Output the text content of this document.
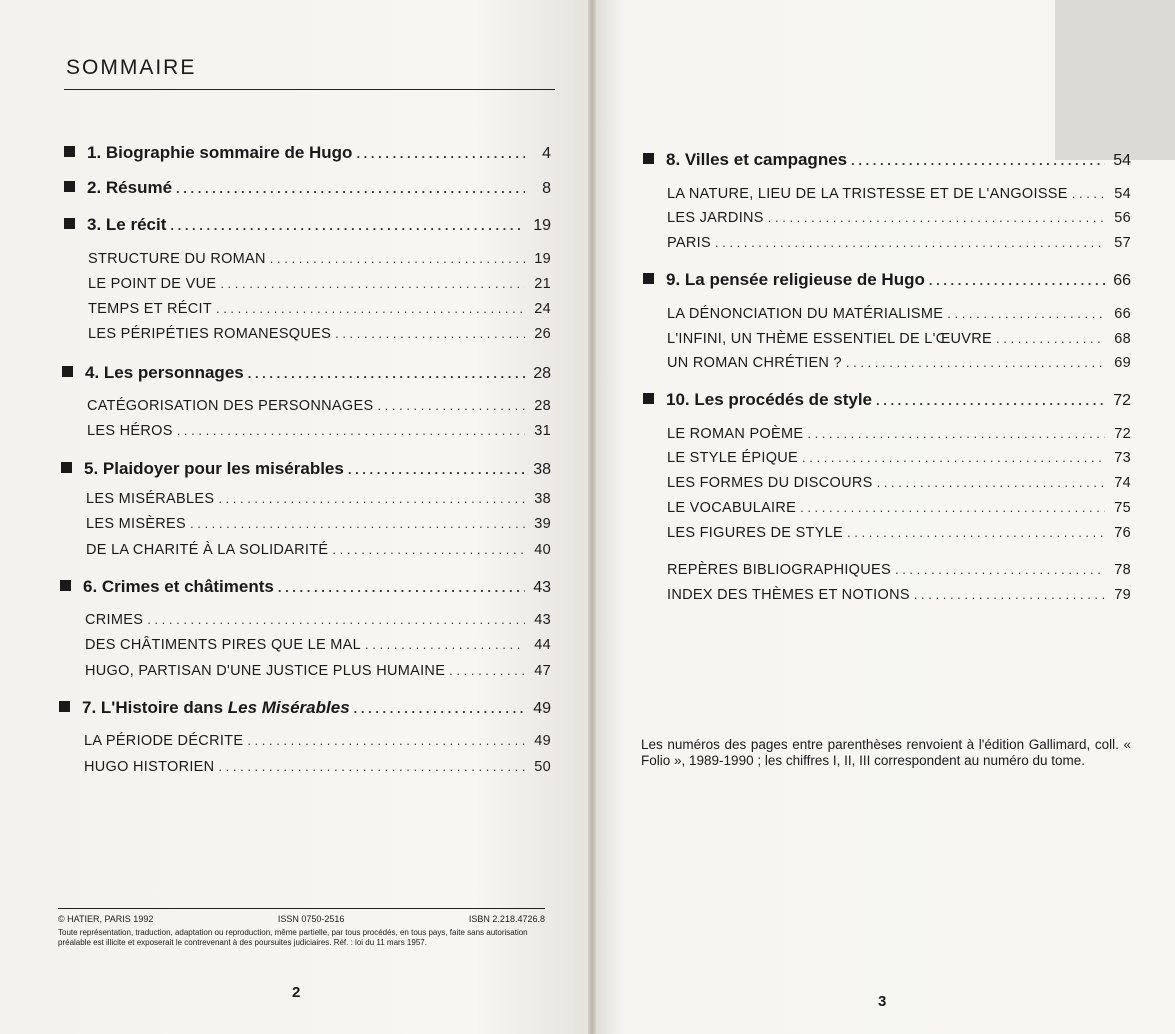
SOMMAIRE
1. Biographie sommaire de Hugo . . .	4
2. Résumé . . .	8
3. Le récit . . .	19
STRUCTURE DU ROMAN . . .	19
LE POINT DE VUE . . .	21
TEMPS ET RÉCIT . . .	24
LES PÉRIPÉTIES ROMANESQUES . . .	26
4. Les personnages . . .	28
CATÉGORISATION DES PERSONNAGES . . .	28
LES HÉROS . . .	31
5. Plaidoyer pour les misérables . . .	38
LES MISÉRABLES . . .	38
LES MISÈRES . . .	39
DE LA CHARITÉ À LA SOLIDARITÉ . . .	40
6. Crimes et châtiments . . .	43
CRIMES . . .	43
DES CHÂTIMENTS PIRES QUE LE MAL . . .	44
HUGO, PARTISAN D'UNE JUSTICE PLUS HUMAINE . . .	47
7. L'Histoire dans Les Misérables . . .	49
LA PÉRIODE DÉCRITE . . .	49
HUGO HISTORIEN . . .	50
© HATIER, PARIS 1992	ISSN 0750-2516	ISBN 2.218.4726.8
Toute représentation, traduction, adaptation ou reproduction, même partielle, par tous procédés, en tous pays, faite sans autorisation préalable est illicite et exposerait le contrevenant à des poursuites judiciaires. Réf. : loi du 11 mars 1957.
2
8. Villes et campagnes . . .	54
LA NATURE, LIEU DE LA TRISTESSE ET DE L'ANGOISSE . . .	54
LES JARDINS . . .	56
PARIS . . .	57
9. La pensée religieuse de Hugo . . .	66
LA DÉNONCIATION DU MATÉRIALISME . . .	66
L'INFINI, UN THÈME ESSENTIEL DE L'ŒUVRE . . .	68
UN ROMAN CHRÉTIEN ? . . .	69
10. Les procédés de style . . .	72
LE ROMAN POÈME . . .	72
LE STYLE ÉPIQUE . . .	73
LES FORMES DU DISCOURS . . .	74
LE VOCABULAIRE . . .	75
LES FIGURES DE STYLE . . .	76
REPÈRES BIBLIOGRAPHIQUES . . .	78
INDEX DES THÈMES ET NOTIONS . . .	79
Les numéros des pages entre parenthèses renvoient à l'édition Gallimard, coll. « Folio », 1989-1990 ; les chiffres I, II, III correspondent au numéro du tome.
3
